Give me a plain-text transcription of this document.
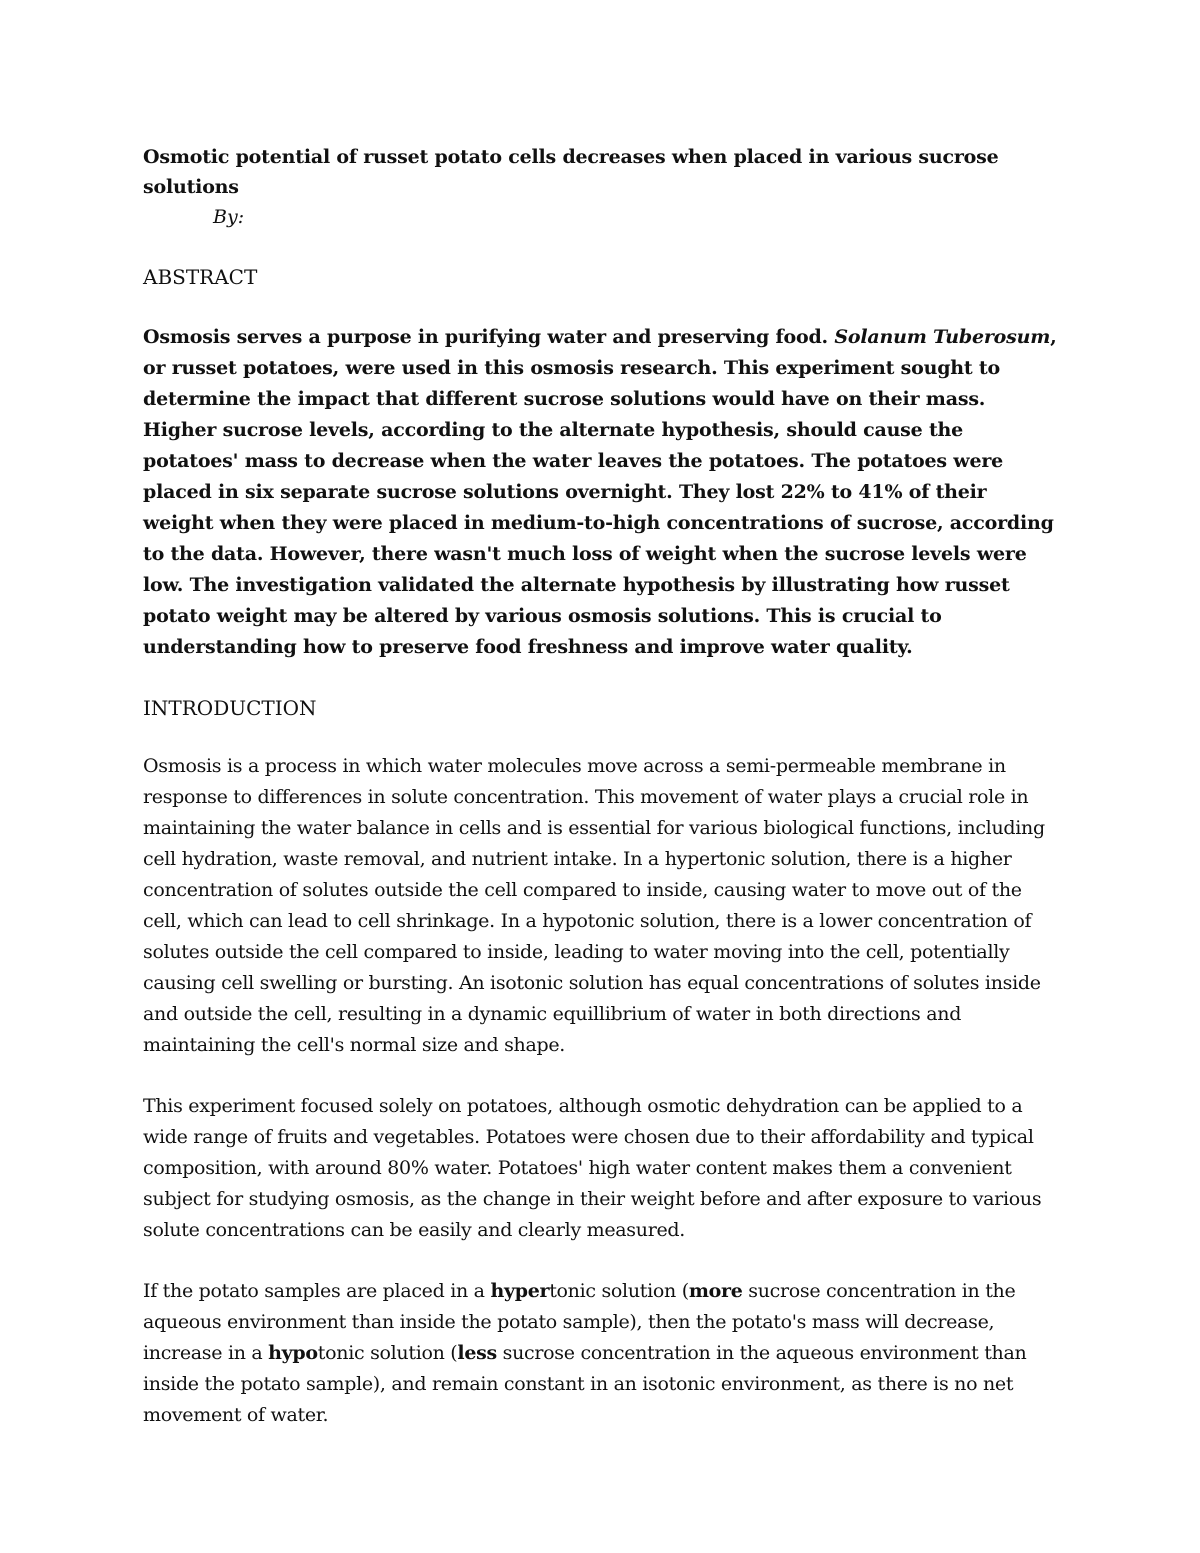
Osmotic potential of russet potato cells decreases when placed in various sucrose solutions

By:

ABSTRACT

Osmosis serves a purpose in purifying water and preserving food. Solanum Tuberosum, or russet potatoes, were used in this osmosis research. This experiment sought to determine the impact that different sucrose solutions would have on their mass. Higher sucrose levels, according to the alternate hypothesis, should cause the potatoes' mass to decrease when the water leaves the potatoes. The potatoes were placed in six separate sucrose solutions overnight. They lost 22% to 41% of their weight when they were placed in medium-to-high concentrations of sucrose, according to the data. However, there wasn't much loss of weight when the sucrose levels were low. The investigation validated the alternate hypothesis by illustrating how russet potato weight may be altered by various osmosis solutions. This is crucial to understanding how to preserve food freshness and improve water quality.

INTRODUCTION

Osmosis is a process in which water molecules move across a semi-permeable membrane in response to differences in solute concentration. This movement of water plays a crucial role in maintaining the water balance in cells and is essential for various biological functions, including cell hydration, waste removal, and nutrient intake. In a hypertonic solution, there is a higher concentration of solutes outside the cell compared to inside, causing water to move out of the cell, which can lead to cell shrinkage. In a hypotonic solution, there is a lower concentration of solutes outside the cell compared to inside, leading to water moving into the cell, potentially causing cell swelling or bursting. An isotonic solution has equal concentrations of solutes inside and outside the cell, resulting in a dynamic equillibrium of water in both directions and maintaining the cell's normal size and shape.

This experiment focused solely on potatoes, although osmotic dehydration can be applied to a wide range of fruits and vegetables. Potatoes were chosen due to their affordability and typical composition, with around 80% water. Potatoes' high water content makes them a convenient subject for studying osmosis, as the change in their weight before and after exposure to various solute concentrations can be easily and clearly measured.

If the potato samples are placed in a hypertonic solution (more sucrose concentration in the aqueous environment than inside the potato sample), then the potato's mass will decrease, increase in a hypotonic solution (less sucrose concentration in the aqueous environment than inside the potato sample), and remain constant in an isotonic environment, as there is no net movement of water.
